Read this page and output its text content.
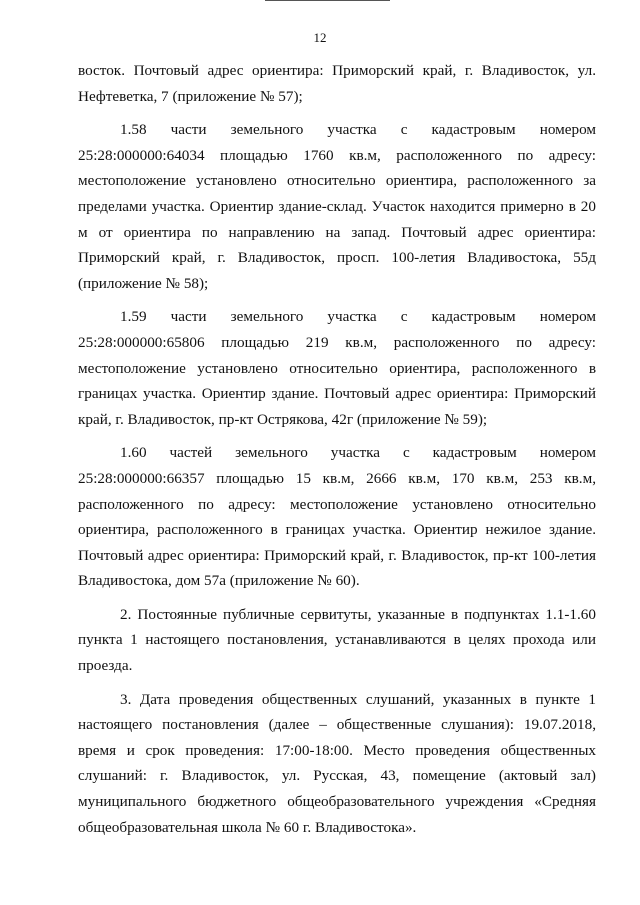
12

восток. Почтовый адрес ориентира: Приморский край, г. Владивосток, ул. Нефтеветка, 7 (приложение № 57);

1.58 части земельного участка с кадастровым номером 25:28:000000:64034 площадью 1760 кв.м, расположенного по адресу: местоположение установлено относительно ориентира, расположенного за пределами участка. Ориентир здание-склад. Участок находится примерно в 20 м от ориентира по направлению на запад. Почтовый адрес ориентира: Приморский край, г. Владивосток, просп. 100-летия Владивостока, 55д (приложение № 58);

1.59 части земельного участка с кадастровым номером 25:28:000000:65806 площадью 219 кв.м, расположенного по адресу: местоположение установлено относительно ориентира, расположенного в границах участка. Ориентир здание. Почтовый адрес ориентира: Приморский край, г. Владивосток, пр-кт Острякова, 42г (приложение № 59);

1.60 частей земельного участка с кадастровым номером 25:28:000000:66357 площадью 15 кв.м, 2666 кв.м, 170 кв.м, 253 кв.м, расположенного по адресу: местоположение установлено относительно ориентира, расположенного в границах участка. Ориентир нежилое здание. Почтовый адрес ориентира: Приморский край, г. Владивосток, пр-кт 100-летия Владивостока, дом 57а (приложение № 60).

2. Постоянные публичные сервитуты, указанные в подпунктах 1.1-1.60 пункта 1 настоящего постановления, устанавливаются в целях прохода или проезда.

3. Дата проведения общественных слушаний, указанных в пункте 1 настоящего постановления (далее – общественные слушания): 19.07.2018, время и срок проведения: 17:00-18:00. Место проведения общественных слушаний: г. Владивосток, ул. Русская, 43, помещение (актовый зал) муниципального бюджетного общеобразовательного учреждения «Средняя общеобразовательная школа № 60 г. Владивостока».
